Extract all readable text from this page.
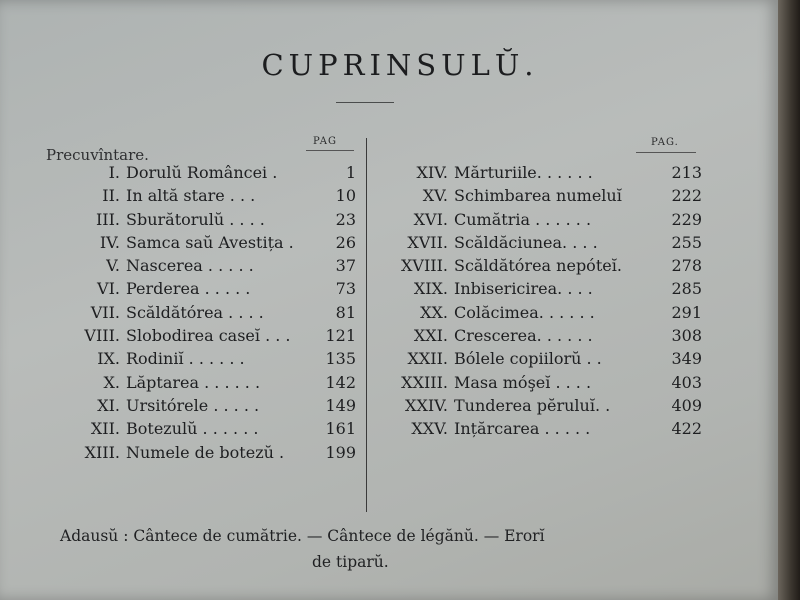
CUPRINSULŬ.
PAG	PAG.
Precuvîntare.
I. Dorulŭ Româncei .	1
II. In altă stare . . .	10
III. Sburătorulŭ . . . .	23
IV. Samca saŭ Avestița .	26
V. Nascerea . . . . .	37
VI. Perderea . . . . .	73
VII. Scăldătórea . . . .	81
VIII. Slobodirea caseĭ . . . 121
IX. Rodiniĭ . . . . . .	135
X. Lăptarea . . . . . .	142
XI. Ursitórele . . . . .	149
XII. Botezulŭ . . . . . .	161
XIII. Numele de botezŭ .	199
XIV. Mărturiile. . . . . .	213
XV. Schimbarea numeluĭ	222
XVI. Cumătria . . . . . .	229
XVII. Scăldăciunea. . . .	255
XVIII. Scăldătórea nepóteĭ.	278
XIX. Inbisericirea. . . .	285
XX. Colăcimea. . . . . .	291
XXI. Crescerea. . . . . .	308
XXII. Bólele copiilorŭ . .	349
XXIII. Masa móşeĭ . . . .	403
XXIV. Tunderea pĕruluĭ. .	409
XXV. Ințărcarea . . . . .	422
Adausŭ : Cântece de cumătrie. — Cântece de légănŭ. — Erorĭ
de tiparŭ.
